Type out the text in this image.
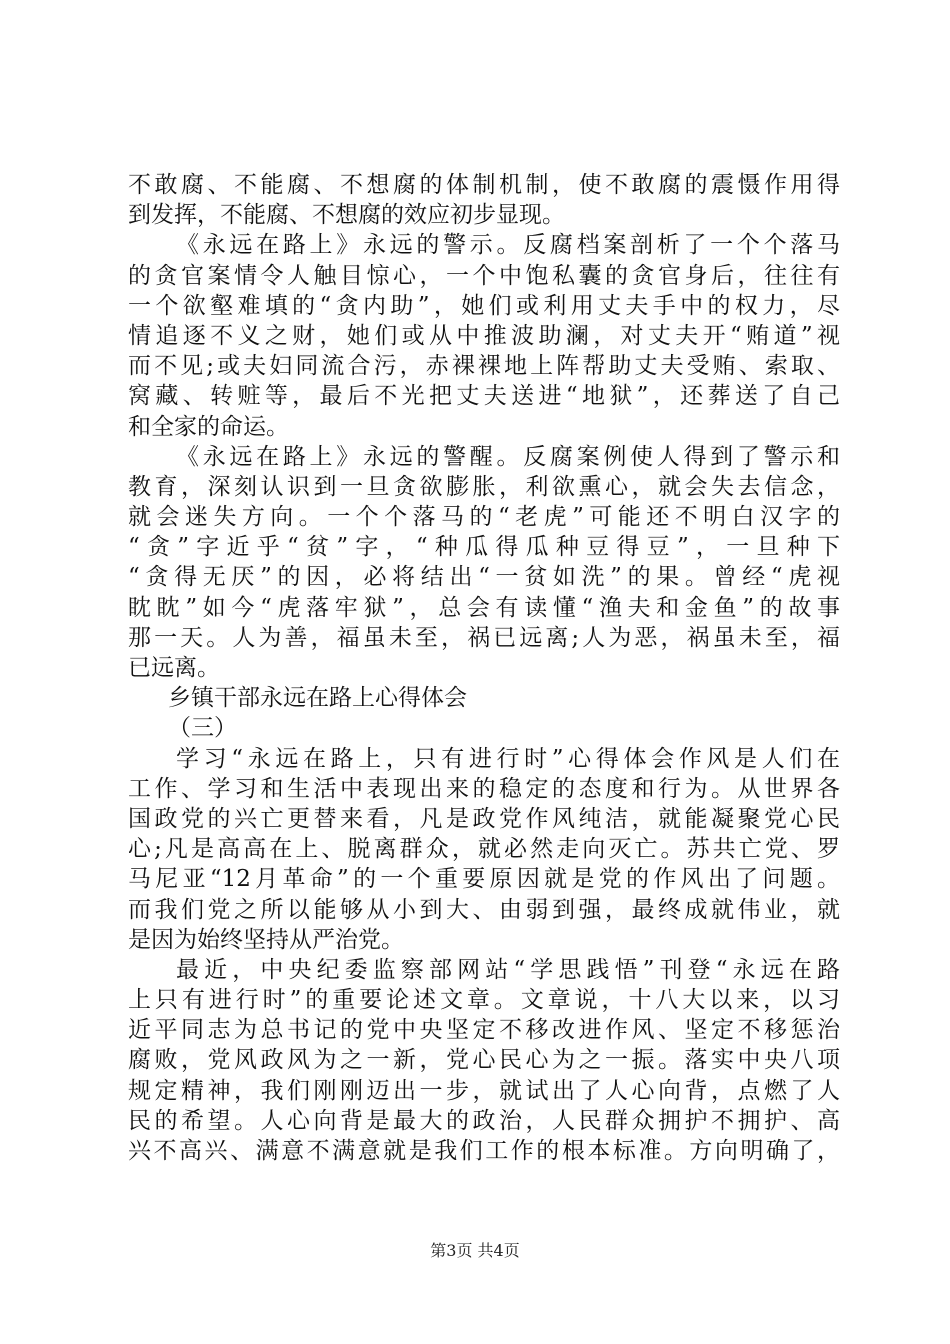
不敢腐、不能腐、不想腐的体制机制，使不敢腐的震慑作用得
到发挥，不能腐、不想腐的效应初步显现。
《永远在路上》永远的警示。反腐档案剖析了一个个落马
的贪官案情令人触目惊心，一个中饱私囊的贪官身后，往往有
一个欲壑难填的“贪内助”，她们或利用丈夫手中的权力，尽
情追逐不义之财，她们或从中推波助澜，对丈夫开“贿道”视
而不见;或夫妇同流合污，赤裸裸地上阵帮助丈夫受贿、索取、
窝藏、转赃等，最后不光把丈夫送进“地狱”，还葬送了自己
和全家的命运。
《永远在路上》永远的警醒。反腐案例使人得到了警示和
教育，深刻认识到一旦贪欲膨胀，利欲熏心，就会失去信念，
就会迷失方向。一个个落马的“老虎”可能还不明白汉字的
“贪”字近乎“贫”字，“种瓜得瓜种豆得豆”，一旦种下
“贪得无厌”的因，必将结出“一贫如洗”的果。曾经“虎视
眈眈”如今“虎落牢狱”，总会有读懂“渔夫和金鱼”的故事
那一天。人为善，福虽未至，祸已远离;人为恶，祸虽未至，福
已远离。
乡镇干部永远在路上心得体会
（三）
学习“永远在路上，只有进行时”心得体会作风是人们在
工作、学习和生活中表现出来的稳定的态度和行为。从世界各
国政党的兴亡更替来看，凡是政党作风纯洁，就能凝聚党心民
心;凡是高高在上、脱离群众，就必然走向灭亡。苏共亡党、罗
马尼亚“12月革命”的一个重要原因就是党的作风出了问题。
而我们党之所以能够从小到大、由弱到强，最终成就伟业，就
是因为始终坚持从严治党。
最近，中央纪委监察部网站“学思践悟”刊登“永远在路
上只有进行时”的重要论述文章。文章说，十八大以来，以习
近平同志为总书记的党中央坚定不移改进作风、坚定不移惩治
腐败，党风政风为之一新，党心民心为之一振。落实中央八项
规定精神，我们刚刚迈出一步，就试出了人心向背，点燃了人
民的希望。人心向背是最大的政治，人民群众拥护不拥护、高
兴不高兴、满意不满意就是我们工作的根本标准。方向明确了，
第3页 共4页
